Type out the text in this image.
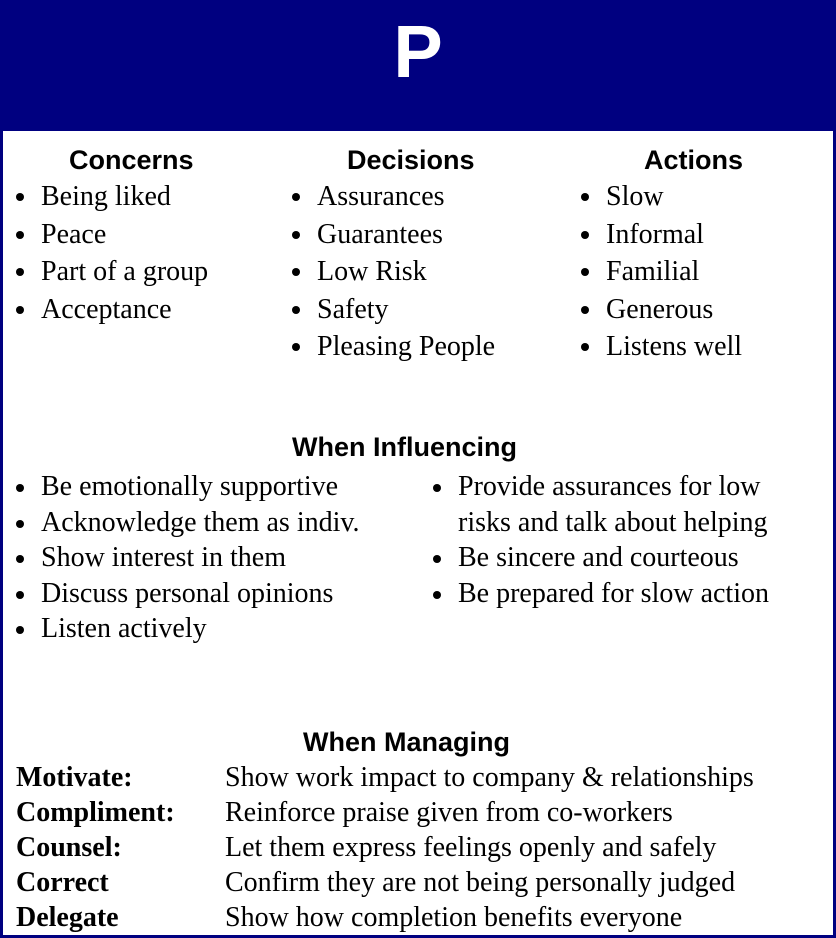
P
Concerns
Being liked
Peace
Part of a group
Acceptance
Decisions
Assurances
Guarantees
Low Risk
Safety
Pleasing People
Actions
Slow
Informal
Familial
Generous
Listens well
When Influencing
Be emotionally supportive
Acknowledge them as indiv.
Show interest in them
Discuss personal opinions
Listen actively
Provide assurances for low risks and talk about helping
Be sincere and courteous
Be prepared for slow action
When Managing
Motivate:	Show work impact to company & relationships
Compliment: Reinforce praise given from co-workers
Counsel:	Let them express feelings openly and safely
Correct	Confirm they are not being personally judged
Delegate	Show how completion benefits everyone
